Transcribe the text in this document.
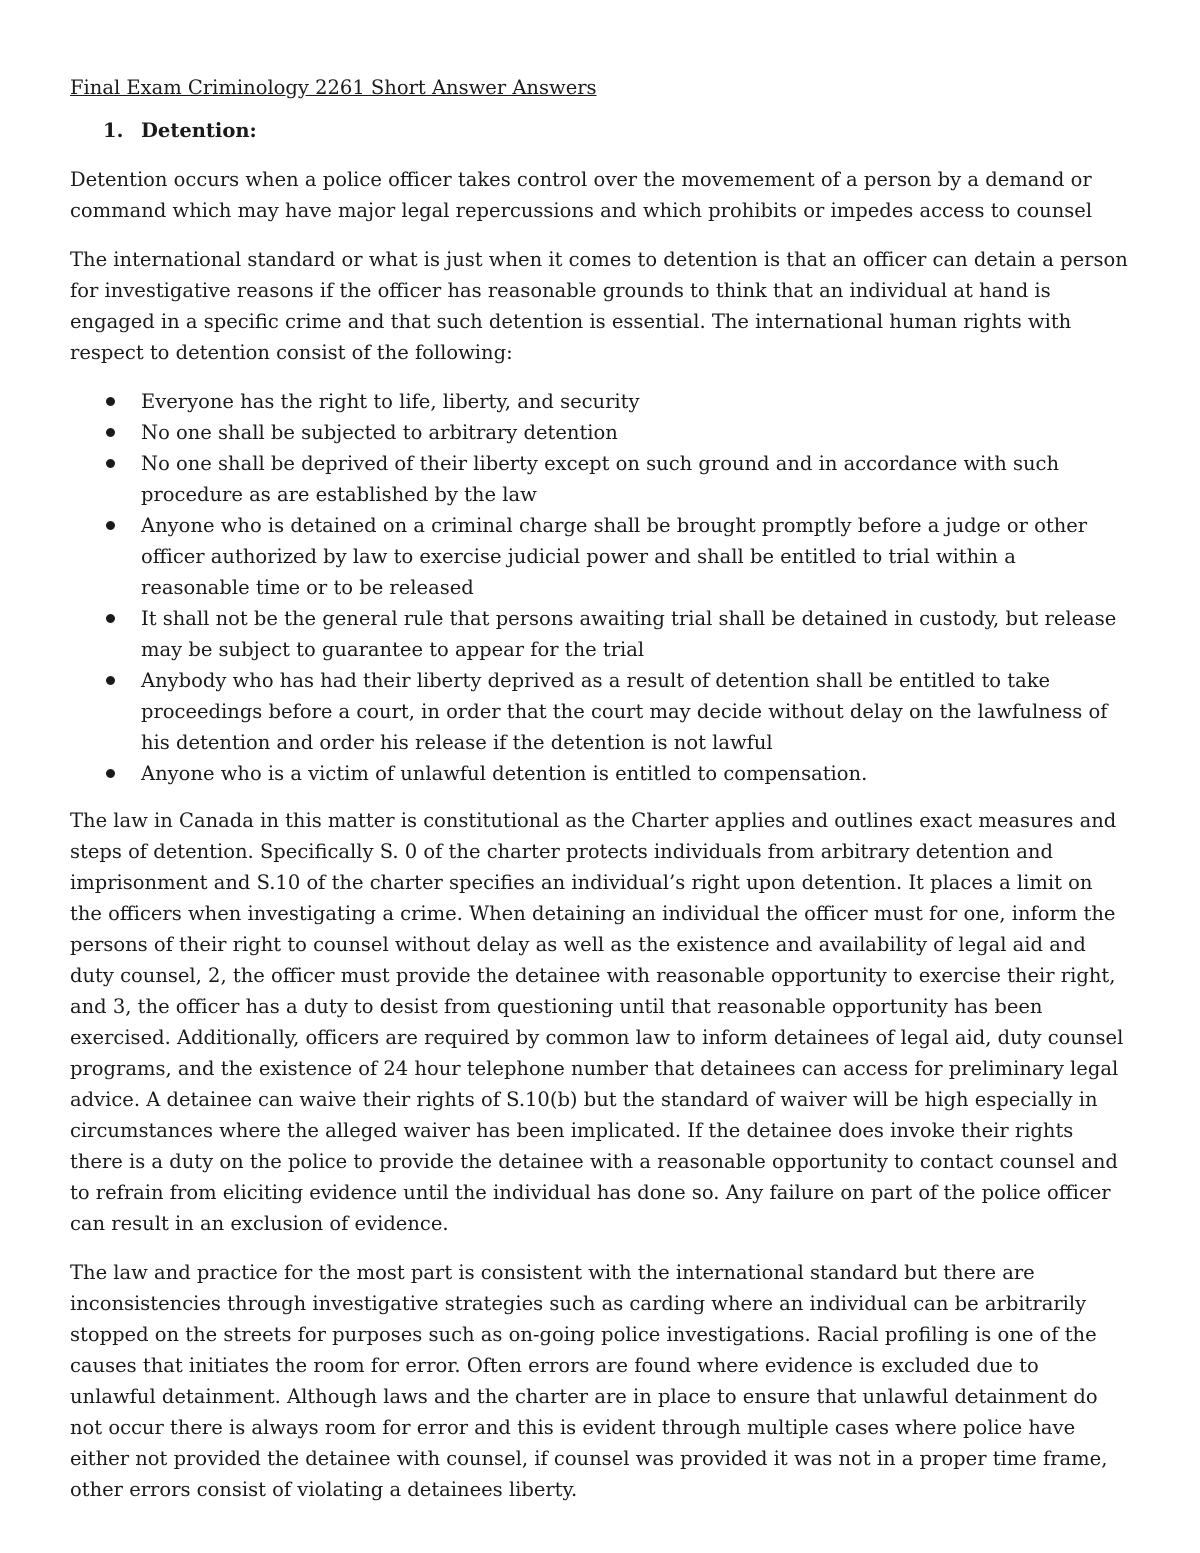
Final Exam Criminology 2261 Short Answer Answers
1. Detention:

Detention occurs when a police officer takes control over the movemement of a person by a demand or command which may have major legal repercussions and which prohibits or impedes access to counsel

The international standard or what is just when it comes to detention is that an officer can detain a person for investigative reasons if the officer has reasonable grounds to think that an individual at hand is engaged in a specific crime and that such detention is essential. The international human rights with respect to detention consist of the following:

Everyone has the right to life, liberty, and security
No one shall be subjected to arbitrary detention
No one shall be deprived of their liberty except on such ground and in accordance with such procedure as are established by the law
Anyone who is detained on a criminal charge shall be brought promptly before a judge or other officer authorized by law to exercise judicial power and shall be entitled to trial within a reasonable time or to be released
It shall not be the general rule that persons awaiting trial shall be detained in custody, but release may be subject to guarantee to appear for the trial
Anybody who has had their liberty deprived as a result of detention shall be entitled to take proceedings before a court, in order that the court may decide without delay on the lawfulness of his detention and order his release if the detention is not lawful
Anyone who is a victim of unlawful detention is entitled to compensation.

The law in Canada in this matter is constitutional as the Charter applies and outlines exact measures and steps of detention. Specifically S. 0 of the charter protects individuals from arbitrary detention and imprisonment and S.10 of the charter specifies an individual’s right upon detention. It places a limit on the officers when investigating a crime. When detaining an individual the officer must for one, inform the persons of their right to counsel without delay as well as the existence and availability of legal aid and duty counsel, 2, the officer must provide the detainee with reasonable opportunity to exercise their right, and 3, the officer has a duty to desist from questioning until that reasonable opportunity has been exercised. Additionally, officers are required by common law to inform detainees of legal aid, duty counsel programs, and the existence of 24 hour telephone number that detainees can access for preliminary legal advice. A detainee can waive their rights of S.10(b) but the standard of waiver will be high especially in circumstances where the alleged waiver has been implicated. If the detainee does invoke their rights there is a duty on the police to provide the detainee with a reasonable opportunity to contact counsel and to refrain from eliciting evidence until the individual has done so. Any failure on part of the police officer can result in an exclusion of evidence.

The law and practice for the most part is consistent with the international standard but there are inconsistencies through investigative strategies such as carding where an individual can be arbitrarily stopped on the streets for purposes such as on-going police investigations. Racial profiling is one of the causes that initiates the room for error. Often errors are found where evidence is excluded due to unlawful detainment. Although laws and the charter are in place to ensure that unlawful detainment do not occur there is always room for error and this is evident through multiple cases where police have either not provided the detainee with counsel, if counsel was provided it was not in a proper time frame, other errors consist of violating a detainees liberty.
